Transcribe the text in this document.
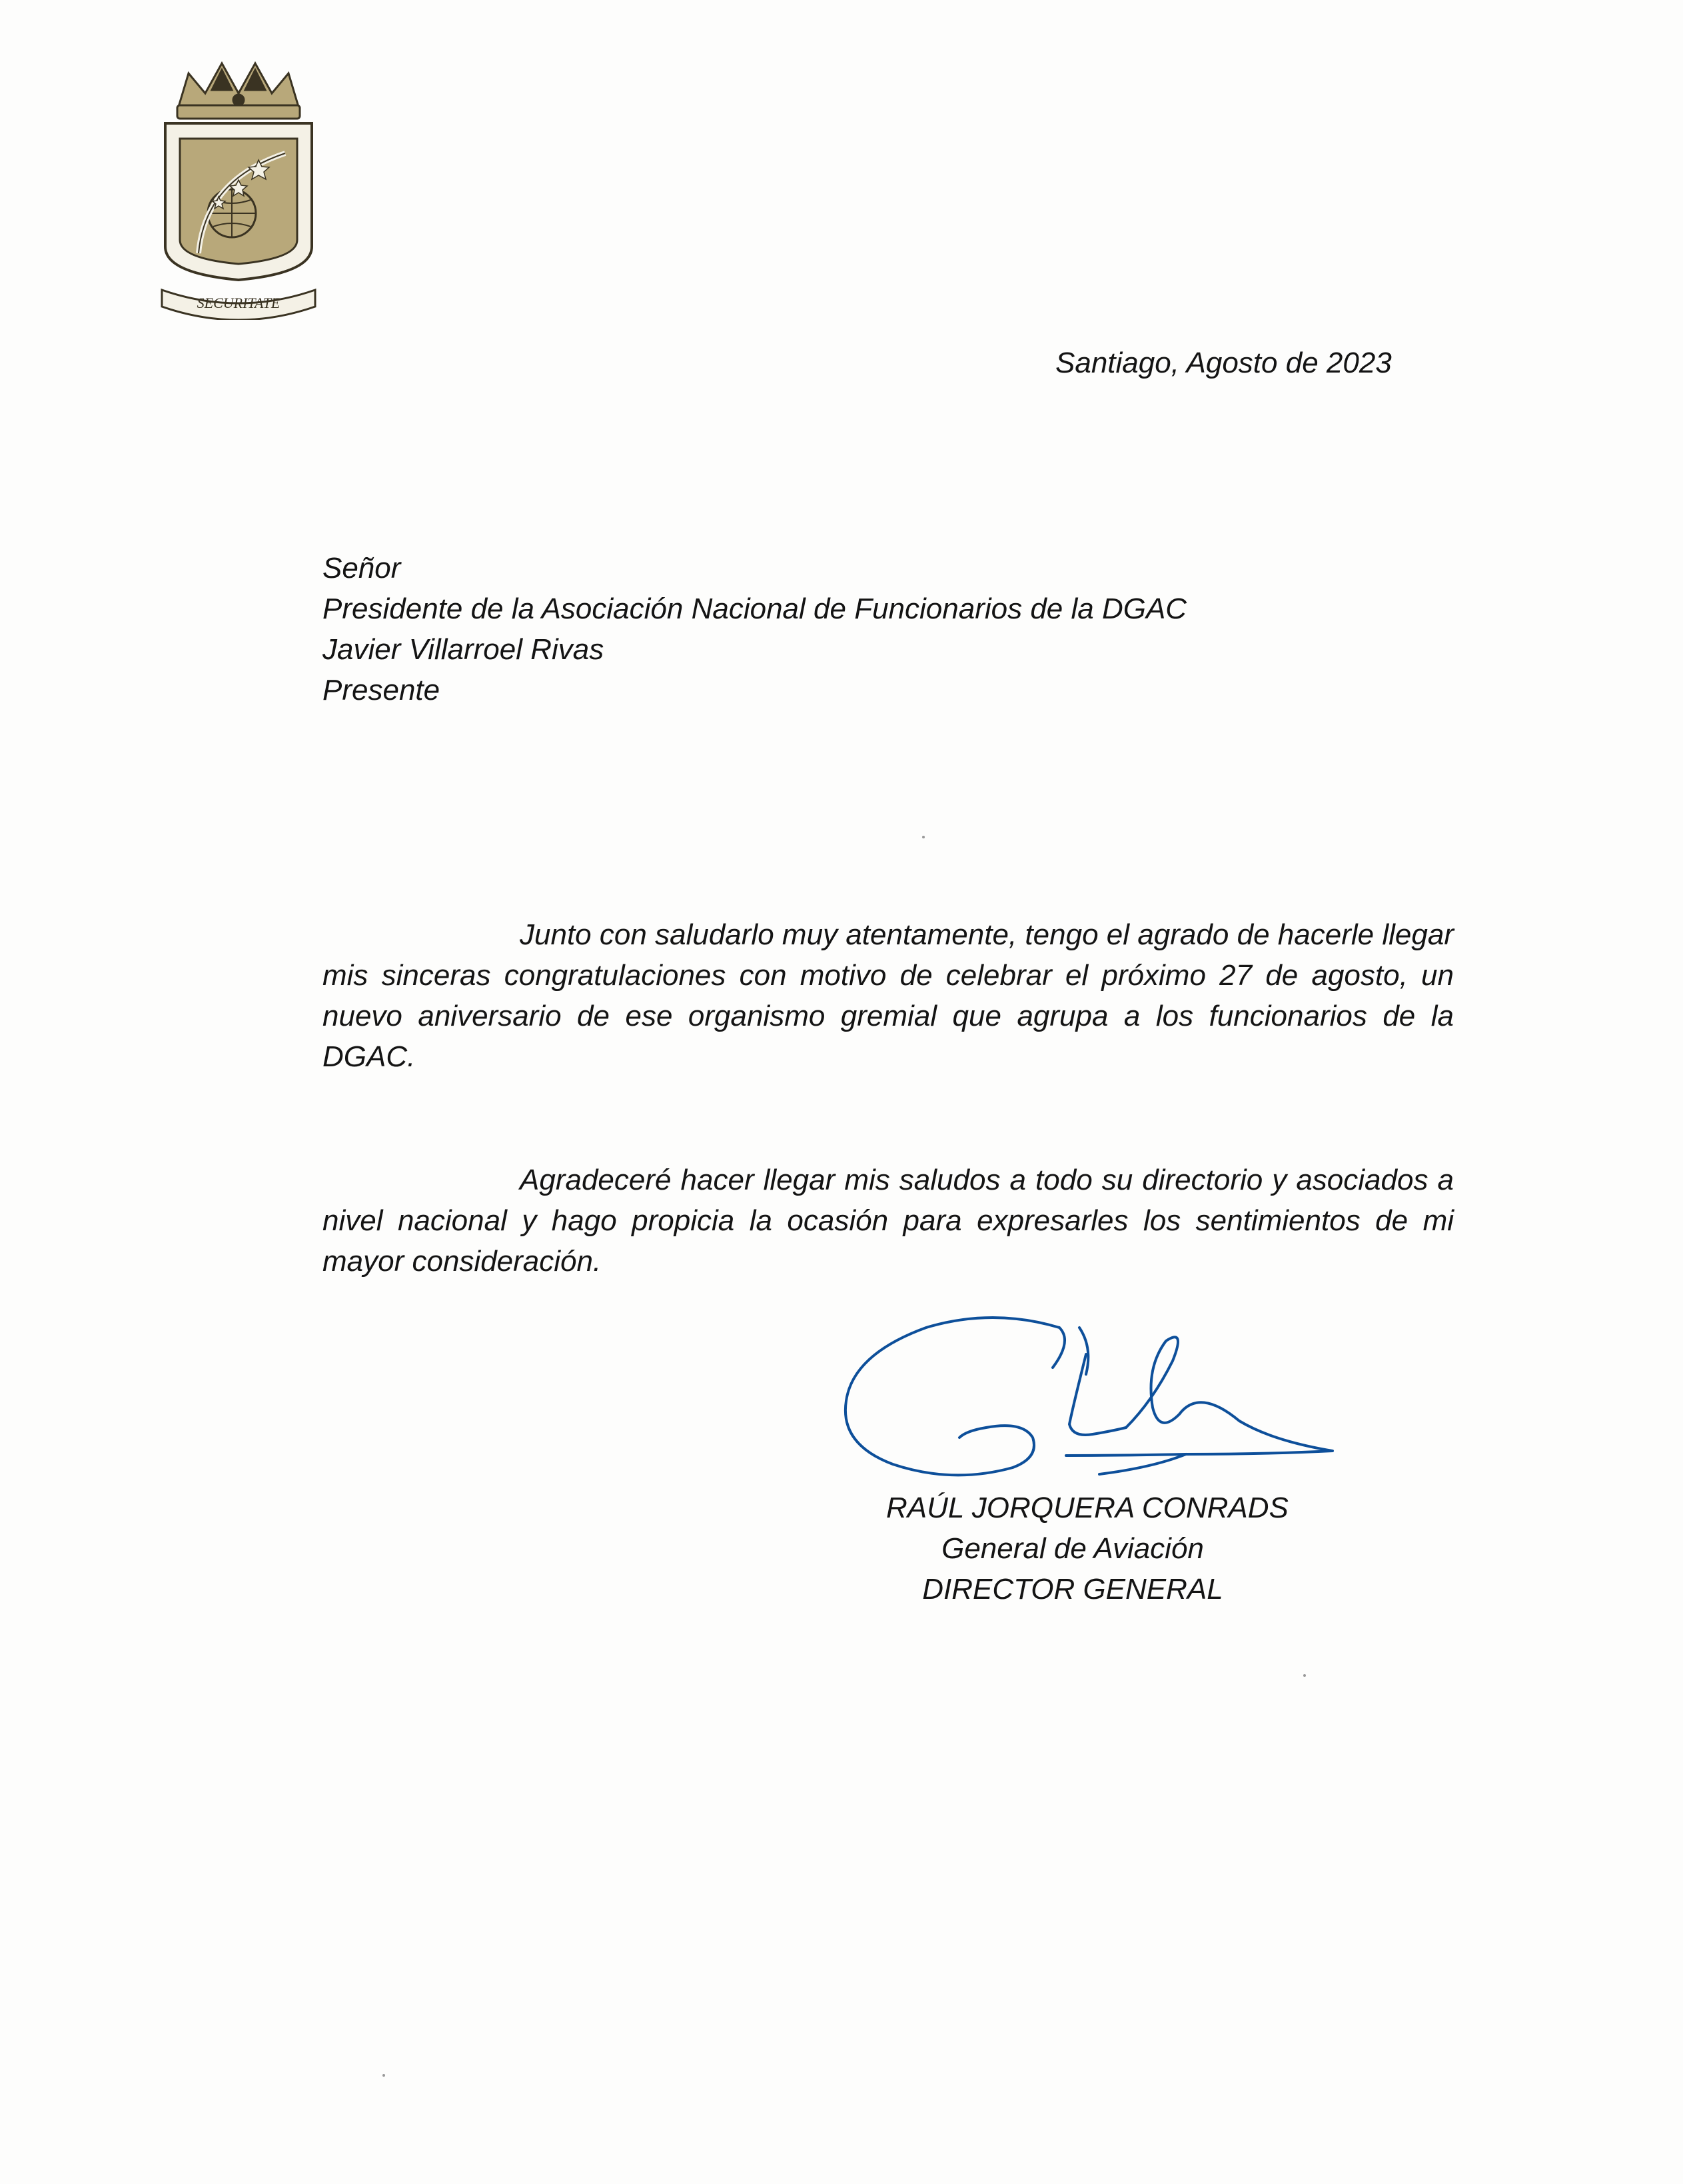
SECURITATE
Santiago, Agosto de 2023
Señor
Presidente de la Asociación Nacional de Funcionarios de la DGAC
Javier Villarroel Rivas
Presente

Junto con saludarlo muy atentamente, tengo el agrado de hacerle llegar mis sinceras congratulaciones con motivo de celebrar el próximo 27 de agosto, un nuevo aniversario de ese organismo gremial que agrupa a los funcionarios de la DGAC.

Agradeceré hacer llegar mis saludos a todo su directorio y asociados a nivel nacional y hago propicia la ocasión para expresarles los sentimientos de mi mayor consideración.

RAÚL JORQUERA CONRADS
General de Aviación
DIRECTOR GENERAL
